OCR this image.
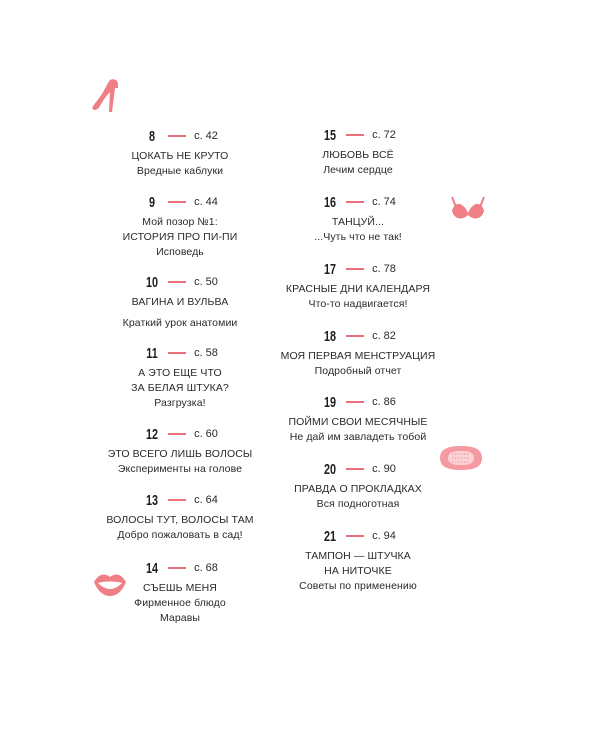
8	с. 42
ЦОКАТЬ НЕ КРУТО
Вредные каблуки
9	с. 44
Мой позор №1:
ИСТОРИЯ ПРО ПИ-ПИ
Исповедь
10	с. 50
ВАГИНА И ВУЛЬВА
Краткий урок анатомии
11	с. 58
А ЭТО ЕЩЕ ЧТО
ЗА БЕЛАЯ ШТУКА?
Разгрузка!
12	с. 60
ЭТО ВСЕГО ЛИШЬ ВОЛОСЫ
Эксперименты на голове
13	с. 64
ВОЛОСЫ ТУТ, ВОЛОСЫ ТАМ
Добро пожаловать в сад!
14	с. 68
СЪЕШЬ МЕНЯ
Фирменное блюдо
Маравы
15	с. 72
ЛЮБОВЬ ВСЁ
Лечим сердце
16	с. 74
ТАНЦУЙ...
...Чуть что не так!
17	с. 78
КРАСНЫЕ ДНИ КАЛЕНДАРЯ
Что-то надвигается!
18	с. 82
МОЯ ПЕРВАЯ МЕНСТРУАЦИЯ
Подробный отчет
19	с. 86
ПОЙМИ СВОИ МЕСЯЧНЫЕ
Не дай им завладеть тобой
20	с. 90
ПРАВДА О ПРОКЛАДКАХ
Вся подноготная
21	с. 94
ТАМПОН — ШТУЧКА
НА НИТОЧКЕ
Советы по применению
